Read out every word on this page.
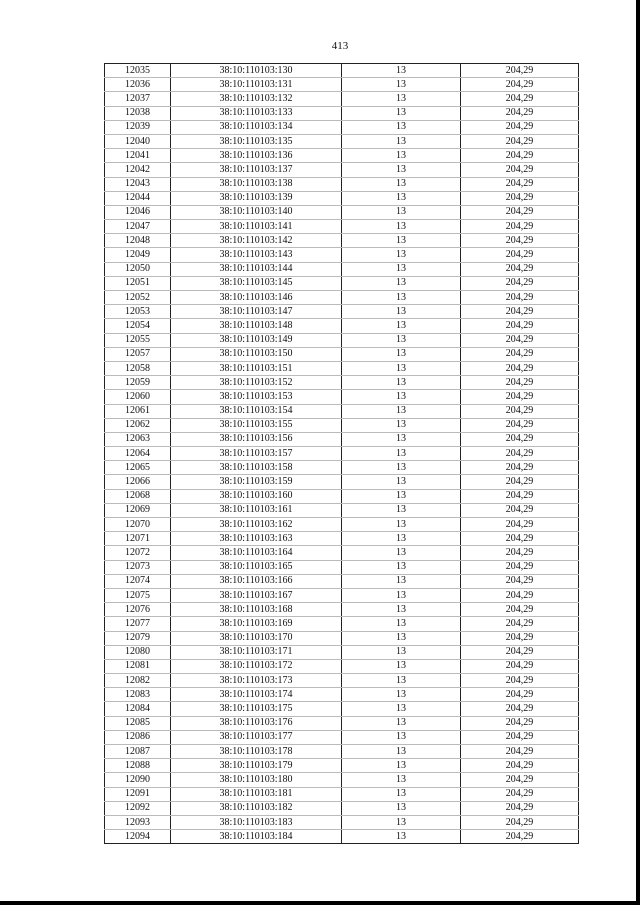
413
12035	38:10:110103:130	13	204,29
12036	38:10:110103:131	13	204,29
12037	38:10:110103:132	13	204,29
12038	38:10:110103:133	13	204,29
12039	38:10:110103:134	13	204,29
12040	38:10:110103:135	13	204,29
12041	38:10:110103:136	13	204,29
12042	38:10:110103:137	13	204,29
12043	38:10:110103:138	13	204,29
12044	38:10:110103:139	13	204,29
12046	38:10:110103:140	13	204,29
12047	38:10:110103:141	13	204,29
12048	38:10:110103:142	13	204,29
12049	38:10:110103:143	13	204,29
12050	38:10:110103:144	13	204,29
12051	38:10:110103:145	13	204,29
12052	38:10:110103:146	13	204,29
12053	38:10:110103:147	13	204,29
12054	38:10:110103:148	13	204,29
12055	38:10:110103:149	13	204,29
12057	38:10:110103:150	13	204,29
12058	38:10:110103:151	13	204,29
12059	38:10:110103:152	13	204,29
12060	38:10:110103:153	13	204,29
12061	38:10:110103:154	13	204,29
12062	38:10:110103:155	13	204,29
12063	38:10:110103:156	13	204,29
12064	38:10:110103:157	13	204,29
12065	38:10:110103:158	13	204,29
12066	38:10:110103:159	13	204,29
12068	38:10:110103:160	13	204,29
12069	38:10:110103:161	13	204,29
12070	38:10:110103:162	13	204,29
12071	38:10:110103:163	13	204,29
12072	38:10:110103:164	13	204,29
12073	38:10:110103:165	13	204,29
12074	38:10:110103:166	13	204,29
12075	38:10:110103:167	13	204,29
12076	38:10:110103:168	13	204,29
12077	38:10:110103:169	13	204,29
12079	38:10:110103:170	13	204,29
12080	38:10:110103:171	13	204,29
12081	38:10:110103:172	13	204,29
12082	38:10:110103:173	13	204,29
12083	38:10:110103:174	13	204,29
12084	38:10:110103:175	13	204,29
12085	38:10:110103:176	13	204,29
12086	38:10:110103:177	13	204,29
12087	38:10:110103:178	13	204,29
12088	38:10:110103:179	13	204,29
12090	38:10:110103:180	13	204,29
12091	38:10:110103:181	13	204,29
12092	38:10:110103:182	13	204,29
12093	38:10:110103:183	13	204,29
12094	38:10:110103:184	13	204,29
